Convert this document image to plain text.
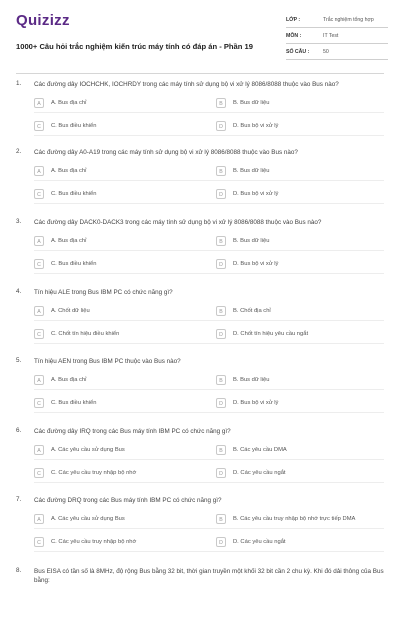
Quizizz
1000+ Câu hỏi trắc nghiệm kiến trúc máy tính có đáp án - Phần 19
LỚP :	Trắc nghiệm tổng hợp
MÔN :	IT Test
SỐ CÂU :	50
1. Các đường dây IOCHCHK, IOCHRDY trong các máy tính sử dụng bộ vi xử lý 8086/8088 thuộc vào Bus nào?
A	A. Bus địa chỉ	B	B. Bus dữ liệu
C	C. Bus điều khiển	D	D. Bus bộ vi xử lý
2. Các đường dây A0-A19 trong các máy tính sử dụng bộ vi xử lý 8086/8088 thuộc vào Bus nào?
A	A. Bus địa chỉ	B	B. Bus dữ liệu
C	C. Bus điều khiển	D	D. Bus bộ vi xử lý
3. Các đường dây DACK0-DACK3 trong các máy tính sử dụng bộ vi xử lý 8086/8088 thuộc vào Bus nào?
A	A. Bus địa chỉ	B	B. Bus dữ liệu
C	C. Bus điều khiển	D	D. Bus bộ vi xử lý
4. Tín hiệu ALE trong Bus IBM PC có chức năng gì?
A	A. Chốt dữ liệu	B	B. Chốt địa chỉ
C	C. Chốt tín hiệu điều khiển	D	D. Chốt tín hiệu yêu cầu ngắt
5. Tín hiệu AEN trong Bus IBM PC thuộc vào Bus nào?
A	A. Bus địa chỉ	B	B. Bus dữ liệu
C	C. Bus điều khiển	D	D. Bus bộ vi xử lý
6. Các đường dây IRQ trong các Bus máy tính IBM PC có chức năng gì?
A	A. Các yêu cầu sử dụng Bus	B	B. Các yêu cầu DMA
C	C. Các yêu cầu truy nhập bộ nhớ	D	D. Các yêu cầu ngắt
7. Các đường DRQ trong các Bus máy tính IBM PC có chức năng gì?
A	A. Các yêu cầu sử dụng Bus	B	B. Các yêu cầu truy nhập bộ nhớ trực tiếp DMA
C	C. Các yêu cầu truy nhập bộ nhớ	D	D. Các yêu cầu ngắt
8. Bus EISA có tần số là 8MHz, độ rộng Bus bằng 32 bit, thời gian truyền một khối 32 bit cần 2 chu kỳ. Khi đó dải thông của Bus bằng:
